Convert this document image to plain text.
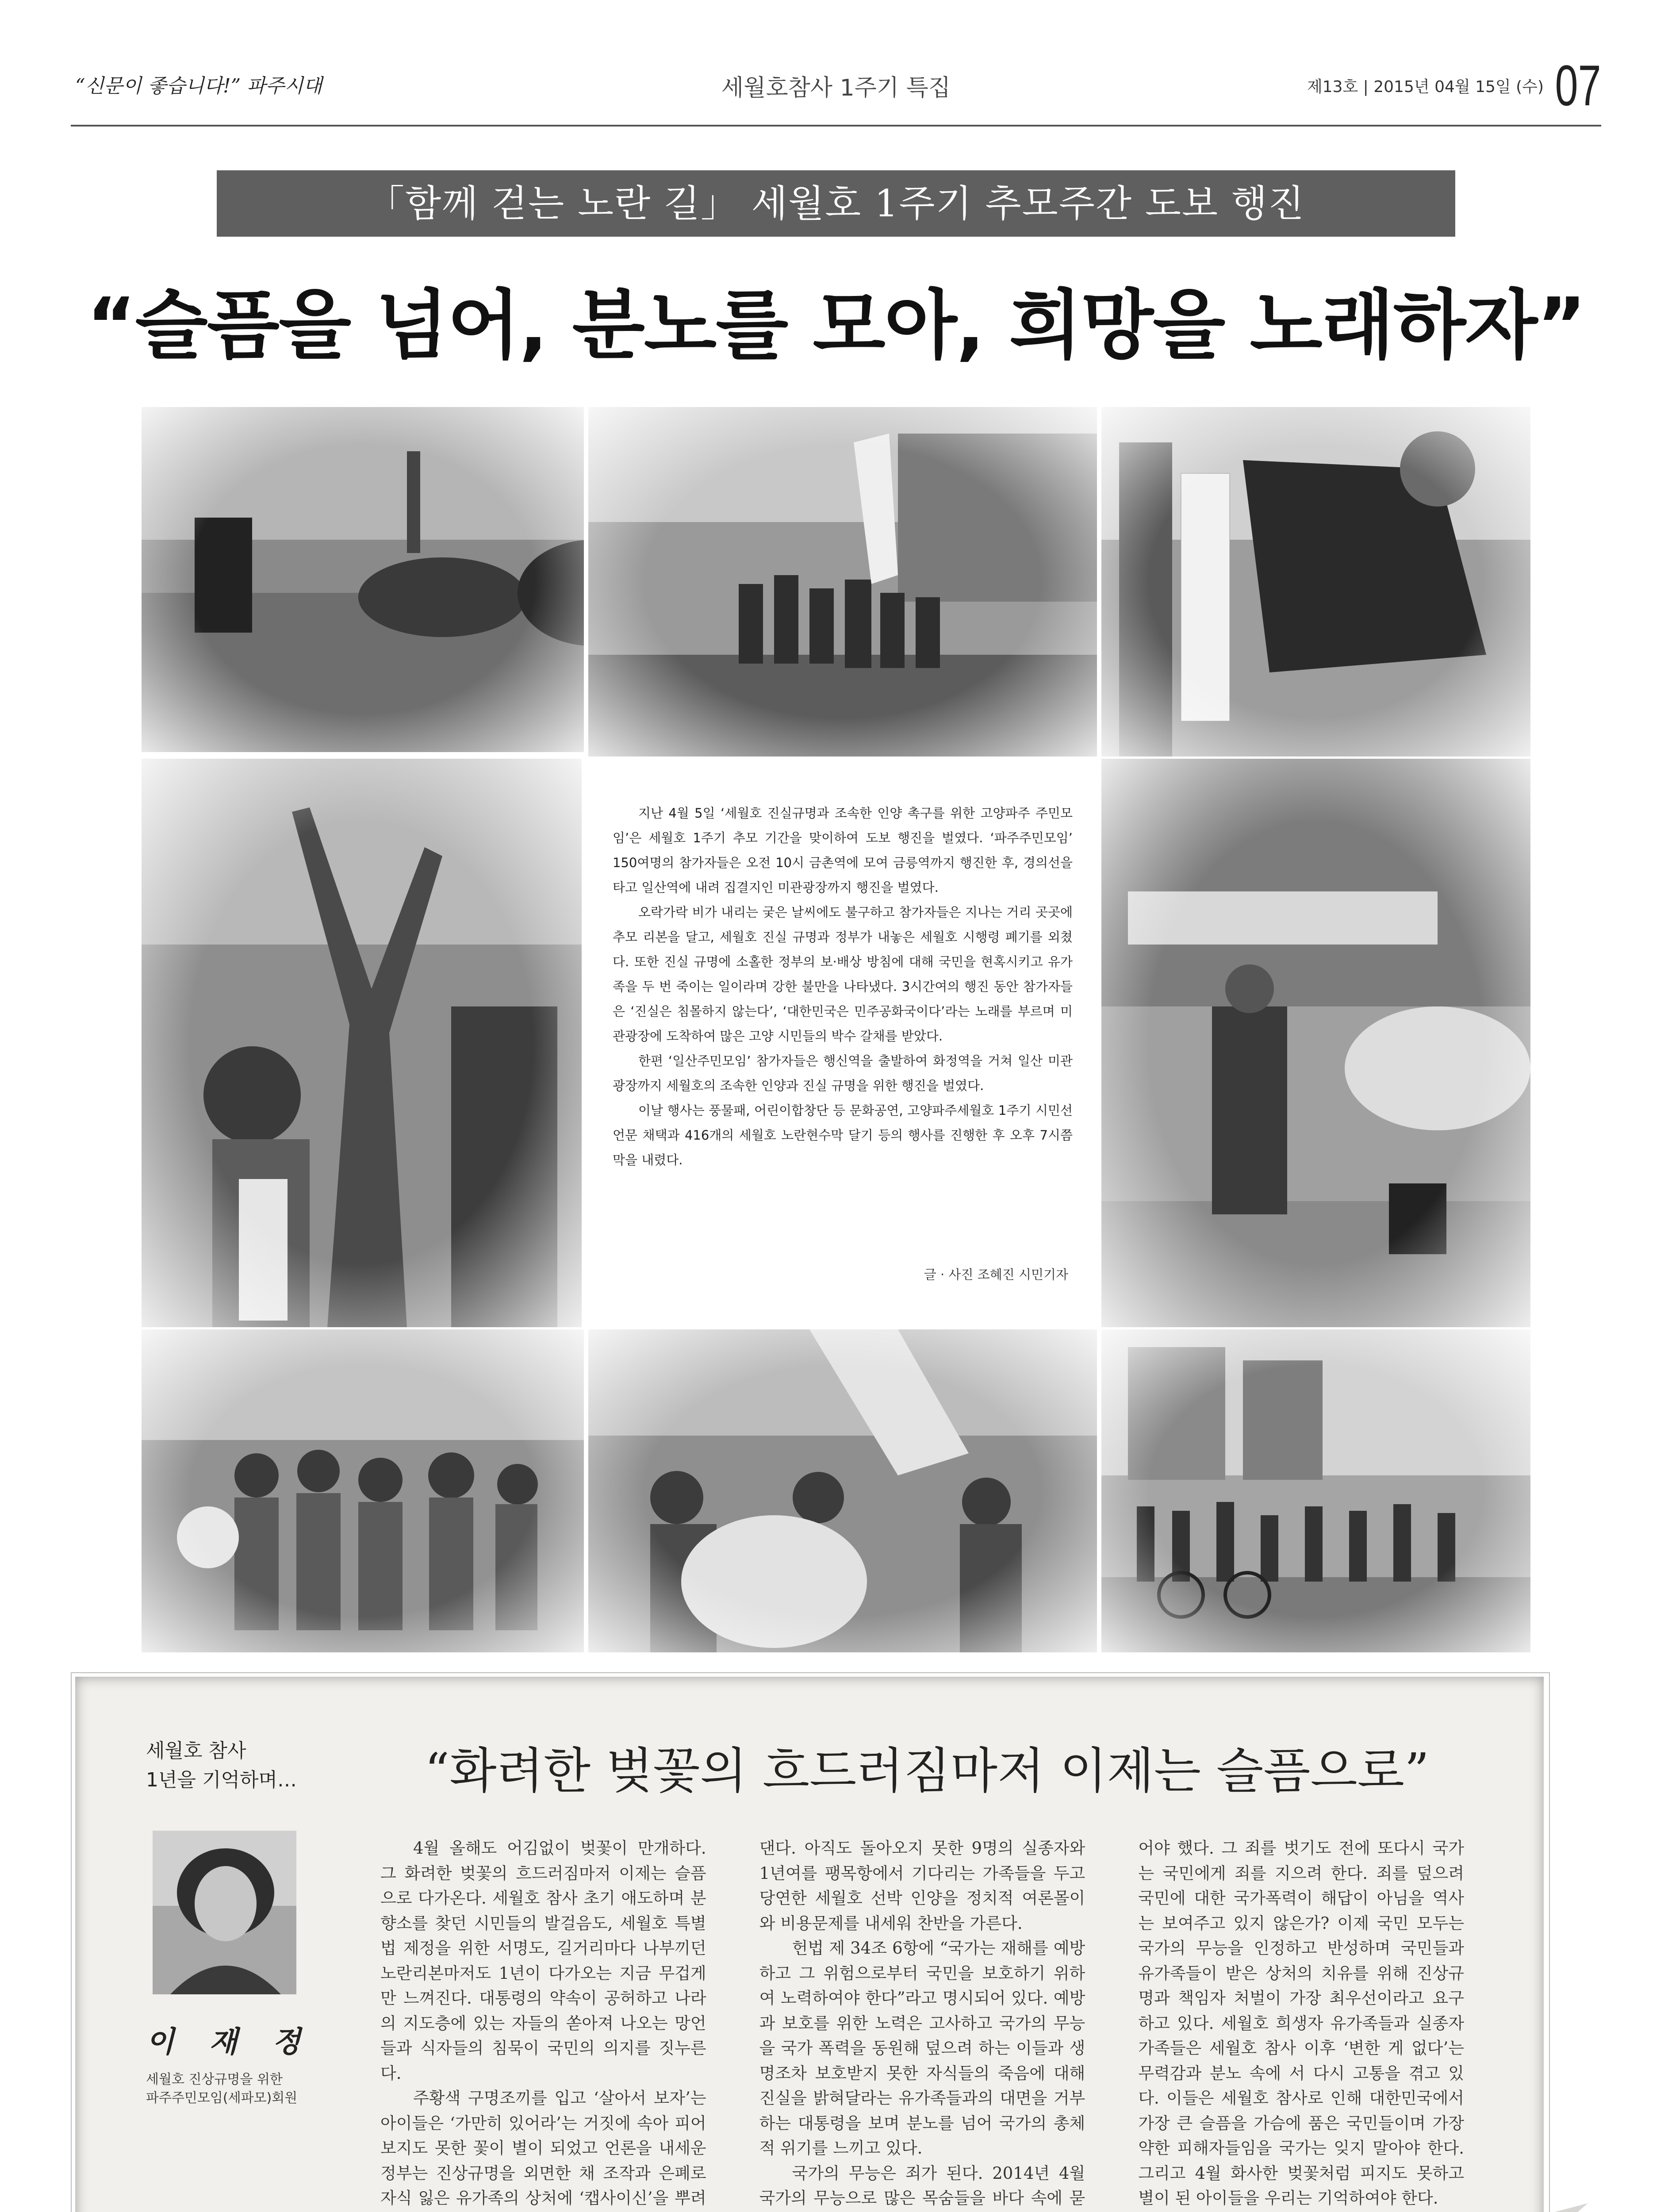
“신문이 좋습니다!” 파주시대	세월호참사 1주기 특집	제13호 | 2015년 04월 15일 (수) 07
「함께 걷는 노란 길」 세월호 1주기 추모주간 도보 행진
“슬픔을 넘어, 분노를 모아, 희망을 노래하자”

지난 4월 5일 ‘세월호 진실규명과 조속한 인양 촉구를 위한 고양파주 주민모임’은 세월호 1주기 추모 기간을 맞이하여 도보 행진을 벌였다. ‘파주주민모임’ 150여명의 참가자들은 오전 10시 금촌역에 모여 금릉역까지 행진한 후, 경의선을 타고 일산역에 내려 집결지인 미관광장까지 행진을 벌였다.

오락가락 비가 내리는 궂은 날씨에도 불구하고 참가자들은 지나는 거리 곳곳에 추모 리본을 달고, 세월호 진실 규명과 정부가 내놓은 세월호 시행령 폐기를 외쳤다. 또한 진실 규명에 소홀한 정부의 보·배상 방침에 대해 국민을 현혹시키고 유가족을 두 번 죽이는 일이라며 강한 불만을 나타냈다. 3시간여의 행진 동안 참가자들은 ‘진실은 침몰하지 않는다’, ‘대한민국은 민주공화국이다’라는 노래를 부르며 미관광장에 도착하여 많은 고양 시민들의 박수 갈채를 받았다.

한편 ‘일산주민모임’ 참가자들은 행신역을 출발하여 화정역을 거쳐 일산 미관광장까지 세월호의 조속한 인양과 진실 규명을 위한 행진을 벌였다.

이날 행사는 풍물패, 어린이합창단 등 문화공연, 고양파주세월호 1주기 시민선언문 채택과 416개의 세월호 노란현수막 달기 등의 행사를 진행한 후 오후 7시쯤 막을 내렸다.

글 · 사진 조혜진 시민기자
세월호 참사
1년을 기억하며…
이 재 정
세월호 진상규명을 위한
파주주민모임(세파모)회원
“화려한 벚꽃의 흐드러짐마저 이제는 슬픔으로”

4월 올해도 어김없이 벚꽃이 만개하다. 그 화려한 벚꽃의 흐드러짐마저 이제는 슬픔으로 다가온다. 세월호 참사 초기 애도하며 분향소를 찾던 시민들의 발걸음도, 세월호 특별법 제정을 위한 서명도, 길거리마다 나부끼던 노란리본마저도 1년이 다가오는 지금 무겁게만 느껴진다. 대통령의 약속이 공허하고 나라의 지도층에 있는 자들의 쏟아져 나오는 망언들과 식자들의 침묵이 국민의 의지를 짓누른다.

주황색 구명조끼를 입고 ‘살아서 보자’는 아이들은 ‘가만히 있어라’는 거짓에 속아 피어보지도 못한 꽃이 별이 되었고 언론을 내세운 정부는 진상규명을 외면한 채 조작과 은폐로 자식 잃은 유가족의 상처에 ‘캡사이신’을 뿌려댄다. 아직도 돌아오지 못한 9명의 실종자와 1년여를 팽목항에서 기다리는 가족들을 두고 당연한 세월호 선박 인양을 정치적 여론몰이와 비용문제를 내세워 찬반을 가른다.

헌법 제 34조 6항에 “국가는 재해를 예방하고 그 위험으로부터 국민을 보호하기 위하여 노력하여야 한다”라고 명시되어 있다. 예방과 보호를 위한 노력은 고사하고 국가의 무능을 국가 폭력을 동원해 덮으려 하는 이들과 생명조차 보호받지 못한 자식들의 죽음에 대해 진실을 밝혀달라는 유가족들과의 대면을 거부하는 대통령을 보며 분노를 넘어 국가의 총체적 위기를 느끼고 있다.

국가의 무능은 죄가 된다. 2014년 4월 국가의 무능으로 많은 목숨들을 바다 속에 묻어야 했다. 그 죄를 벗기도 전에 또다시 국가는 국민에게 죄를 지으려 한다. 죄를 덮으려 국민에 대한 국가폭력이 해답이 아님을 역사는 보여주고 있지 않은가? 이제 국민 모두는 국가의 무능을 인정하고 반성하며 국민들과 유가족들이 받은 상처의 치유를 위해 진상규명과 책임자 처벌이 가장 최우선이라고 요구하고 있다. 세월호 희생자 유가족들과 실종자 가족들은 세월호 참사 이후 ‘변한 게 없다’는 무력감과 분노 속에 서 다시 고통을 겪고 있다. 이들은 세월호 참사로 인해 대한민국에서 가장 큰 슬픔을 가슴에 품은 국민들이며 가장 약한 피해자들임을 국가는 잊지 말아야 한다. 그리고 4월 화사한 벚꽃처럼 피지도 못하고 별이 된 아이들을 우리는 기억하여야 한다.
